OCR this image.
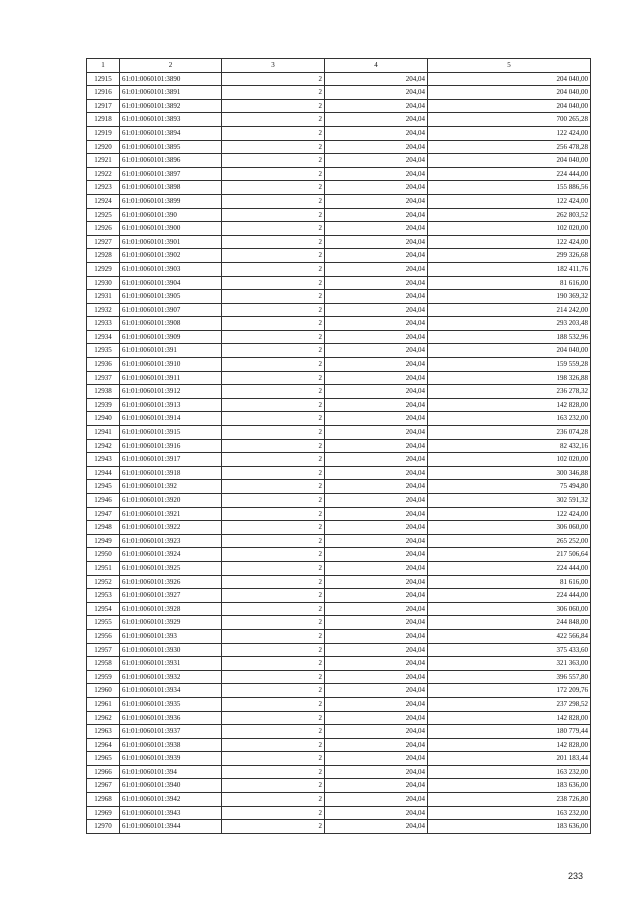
1	2	3	4	5
12915	61:01:0060101:3890	2	204,04	204 040,00
12916	61:01:0060101:3891	2	204,04	204 040,00
12917	61:01:0060101:3892	2	204,04	204 040,00
12918	61:01:0060101:3893	2	204,04	700 265,28
12919	61:01:0060101:3894	2	204,04	122 424,00
12920	61:01:0060101:3895	2	204,04	256 478,28
12921	61:01:0060101:3896	2	204,04	204 040,00
12922	61:01:0060101:3897	2	204,04	224 444,00
12923	61:01:0060101:3898	2	204,04	155 886,56
12924	61:01:0060101:3899	2	204,04	122 424,00
12925	61:01:0060101:390	2	204,04	262 803,52
12926	61:01:0060101:3900	2	204,04	102 020,00
12927	61:01:0060101:3901	2	204,04	122 424,00
12928	61:01:0060101:3902	2	204,04	299 326,68
12929	61:01:0060101:3903	2	204,04	182 411,76
12930	61:01:0060101:3904	2	204,04	81 616,00
12931	61:01:0060101:3905	2	204,04	190 369,32
12932	61:01:0060101:3907	2	204,04	214 242,00
12933	61:01:0060101:3908	2	204,04	293 203,48
12934	61:01:0060101:3909	2	204,04	188 532,96
12935	61:01:0060101:391	2	204,04	204 040,00
12936	61:01:0060101:3910	2	204,04	159 559,28
12937	61:01:0060101:3911	2	204,04	198 326,88
12938	61:01:0060101:3912	2	204,04	236 278,32
12939	61:01:0060101:3913	2	204,04	142 828,00
12940	61:01:0060101:3914	2	204,04	163 232,00
12941	61:01:0060101:3915	2	204,04	236 074,28
12942	61:01:0060101:3916	2	204,04	82 432,16
12943	61:01:0060101:3917	2	204,04	102 020,00
12944	61:01:0060101:3918	2	204,04	300 346,88
12945	61:01:0060101:392	2	204,04	75 494,80
12946	61:01:0060101:3920	2	204,04	302 591,32
12947	61:01:0060101:3921	2	204,04	122 424,00
12948	61:01:0060101:3922	2	204,04	306 060,00
12949	61:01:0060101:3923	2	204,04	265 252,00
12950	61:01:0060101:3924	2	204,04	217 506,64
12951	61:01:0060101:3925	2	204,04	224 444,00
12952	61:01:0060101:3926	2	204,04	81 616,00
12953	61:01:0060101:3927	2	204,04	224 444,00
12954	61:01:0060101:3928	2	204,04	306 060,00
12955	61:01:0060101:3929	2	204,04	244 848,00
12956	61:01:0060101:393	2	204,04	422 566,84
12957	61:01:0060101:3930	2	204,04	375 433,60
12958	61:01:0060101:3931	2	204,04	321 363,00
12959	61:01:0060101:3932	2	204,04	396 557,80
12960	61:01:0060101:3934	2	204,04	172 209,76
12961	61:01:0060101:3935	2	204,04	237 298,52
12962	61:01:0060101:3936	2	204,04	142 828,00
12963	61:01:0060101:3937	2	204,04	180 779,44
12964	61:01:0060101:3938	2	204,04	142 828,00
12965	61:01:0060101:3939	2	204,04	201 183,44
12966	61:01:0060101:394	2	204,04	163 232,00
12967	61:01:0060101:3940	2	204,04	183 636,00
12968	61:01:0060101:3942	2	204,04	238 726,80
12969	61:01:0060101:3943	2	204,04	163 232,00
12970	61:01:0060101:3944	2	204,04	183 636,00
233
